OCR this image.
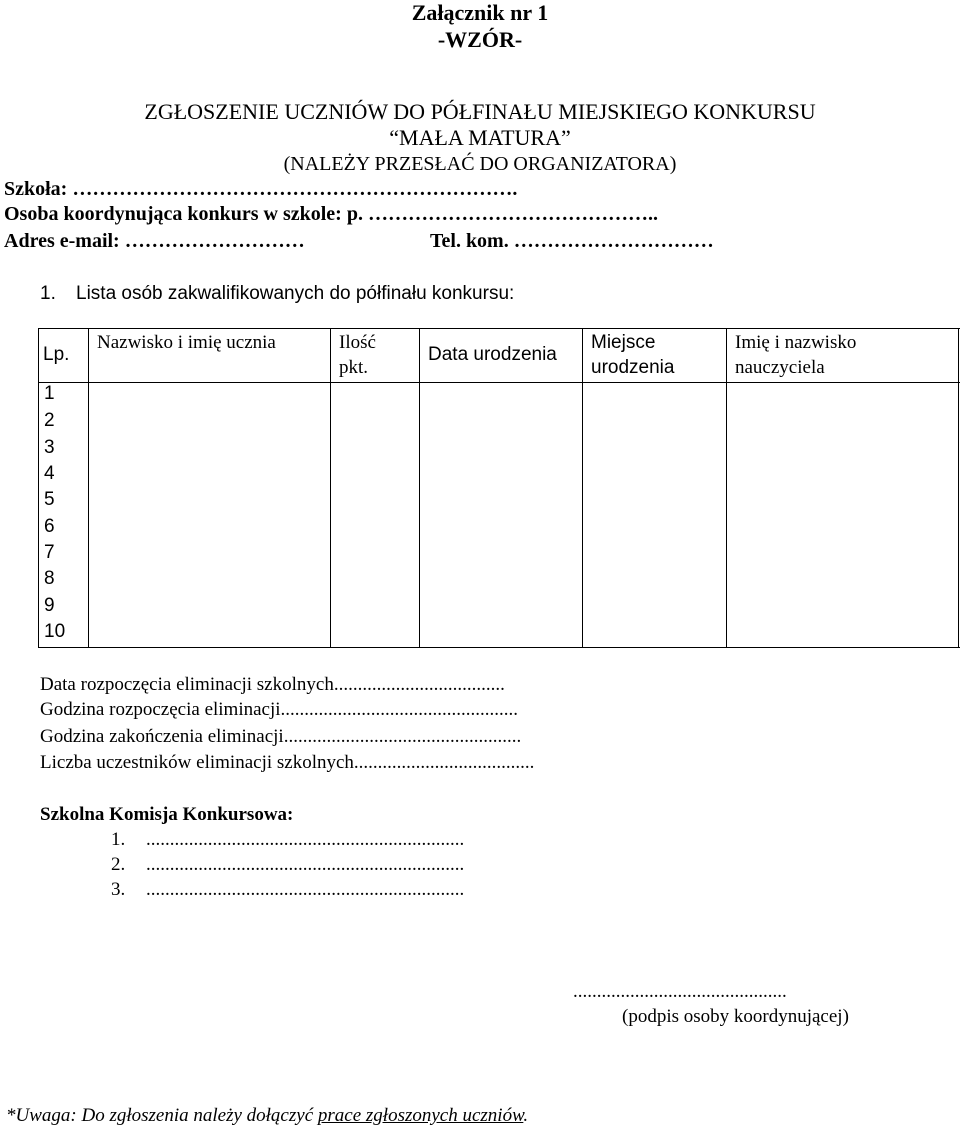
Załącznik nr 1
-WZÓR-
ZGŁOSZENIE UCZNIÓW DO PÓŁFINAŁU MIEJSKIEGO KONKURSU
“MAŁA MATURA”
(NALEŻY PRZESŁAĆ DO ORGANIZATORA)
Szkoła: ………………………………………………………….
Osoba koordynująca konkurs w szkole: p. ……………………………………..
Adres e-mail: ………………………	Tel. kom. …………………………
1. Lista osób zakwalifikowanych do półfinału konkursu:
Lp.
Nazwisko i imię ucznia	Ilość
pkt.
Data urodzenia
Miejsce
urodzenia
Imię i nazwisko
nauczyciela
1
2
3
4
5
6
7
8
9
10
Data rozpoczęcia eliminacji szkolnych....................................
Godzina rozpoczęcia eliminacji..................................................
Godzina zakończenia eliminacji..................................................
Liczba uczestników eliminacji szkolnych......................................
Szkolna Komisja Konkursowa:
1. ...................................................................
2. ...................................................................
3. ...................................................................
.............................................
(podpis osoby koordynującej)
*Uwaga: Do zgłoszenia należy dołączyć prace zgłoszonych uczniów.
